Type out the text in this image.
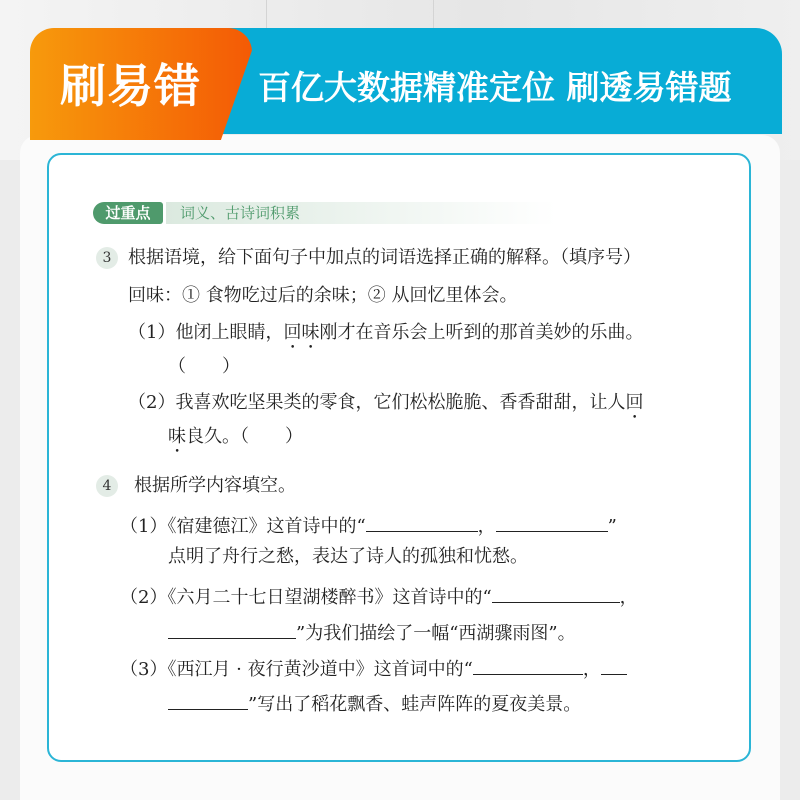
刷易错 百亿大数据精准定位 刷透易错题
过重点	词义、古诗词积累
3 根据语境，给下面句子中加点的词语选择正确的解释。（填序号）
回味：① 食物吃过后的余味；② 从回忆里体会。
（1）他闭上眼睛，回味刚才在音乐会上听到的那首美妙的乐曲。
（　　）
（2）我喜欢吃坚果类的零食，它们松松脆脆、香香甜甜，让人回
味良久。（　　）
4	根据所学内容填空。
（1）《宿建德江》这首诗中的“	，	”
点明了舟行之愁，表达了诗人的孤独和忧愁。
（2）《六月二十七日望湖楼醉书》这首诗中的“	，
”为我们描绘了一幅“西湖骤雨图”。
（3）《西江月 · 夜行黄沙道中》这首词中的“	，
”写出了稻花飘香、蛙声阵阵的夏夜美景。
